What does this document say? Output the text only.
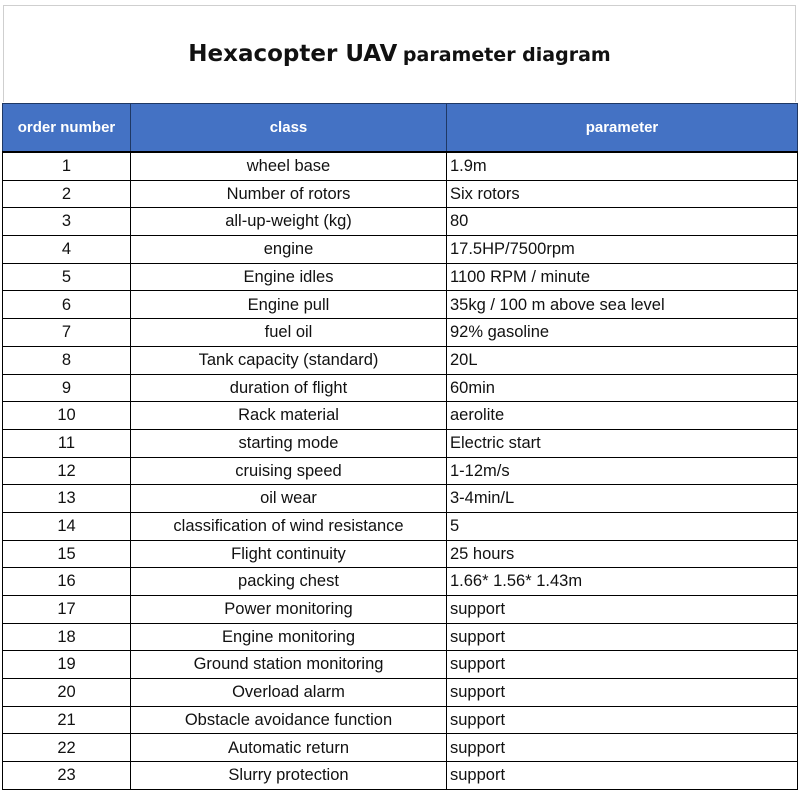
Hexacopter UAV parameter diagram
order number	class	parameter
1	wheel base	1.9m
2	Number of rotors	Six rotors
3	all-up-weight (kg)	80
4	engine	17.5HP/7500rpm
5	Engine idles	1100 RPM / minute
6	Engine pull	35kg / 100 m above sea level
7	fuel oil	92% gasoline
8	Tank capacity (standard)	20L
9	duration of flight	60min
10	Rack material	aerolite
11	starting mode	Electric start
12	cruising speed	1-12m/s
13	oil wear	3-4min/L
14	classification of wind resistance	5
15	Flight continuity	25 hours
16	packing chest	1.66* 1.56* 1.43m
17	Power monitoring	support
18	Engine monitoring	support
19	Ground station monitoring	support
20	Overload alarm	support
21	Obstacle avoidance function	support
22	Automatic return	support
23	Slurry protection	support
